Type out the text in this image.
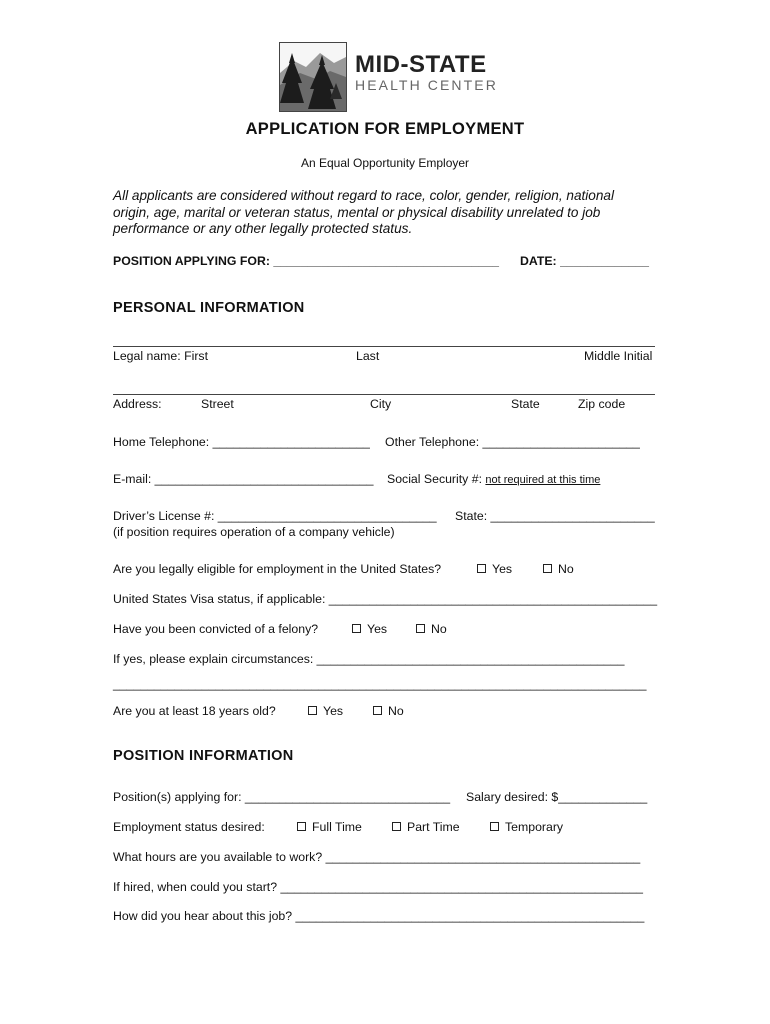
MID-STATE
HEALTH CENTER
APPLICATION FOR EMPLOYMENT
An Equal Opportunity Employer
All applicants are considered without regard to race, color, gender, religion, national origin, age, marital or veteran status, mental or physical disability unrelated to job performance or any other legally protected status.
POSITION APPLYING FOR: _________________________________ DATE: _____________
PERSONAL INFORMATION
Legal name: First	Last	Middle Initial
Address:	Street	City	State	Zip code
Home Telephone: _______________________ Other Telephone: _______________________
E-mail: ________________________________ Social Security #: not required at this time
Driver’s License #: ________________________________ State: ________________________
(if position requires operation of a company vehicle)
Are you legally eligible for employment in the United States?	Yes	No
United States Visa status, if applicable: ________________________________________________
Have you been convicted of a felony?	Yes	No
If yes, please explain circumstances: _____________________________________________
______________________________________________________________________________
Are you at least 18 years old?	Yes	No
POSITION INFORMATION
Position(s) applying for: ______________________________ Salary desired: $_____________
Employment status desired:	Full Time	Part Time	Temporary
What hours are you available to work? ______________________________________________
If hired, when could you start? _____________________________________________________
How did you hear about this job? ___________________________________________________
